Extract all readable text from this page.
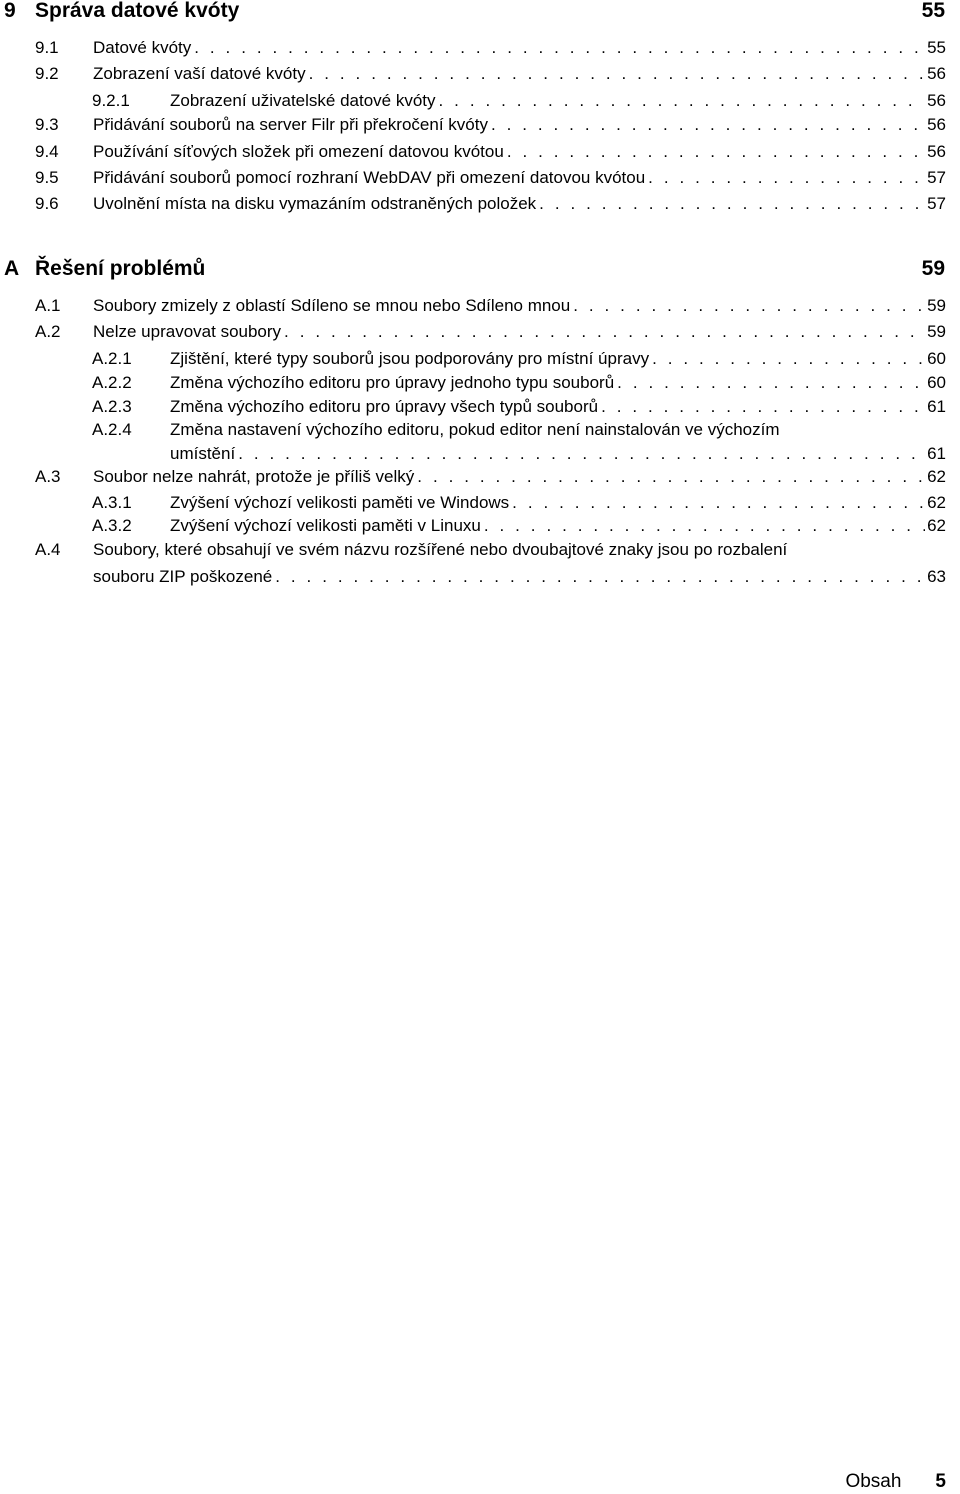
9 Správa datové kvóty	55
9.1 Datové kvóty . . .	55
9.2 Zobrazení vaší datové kvóty . . .	56
9.2.1 Zobrazení uživatelské datové kvóty . . .	56
9.3 Přidávání souborů na server Filr při překročení kvóty . . .	56
9.4 Používání síťových složek při omezení datovou kvótou . . .	56
9.5 Přidávání souborů pomocí rozhraní WebDAV při omezení datovou kvótou . . .	57
9.6 Uvolnění místa na disku vymazáním odstraněných položek . . .	57
A Řešení problémů	59
A.1 Soubory zmizely z oblastí Sdíleno se mnou nebo Sdíleno mnou . . .	59
A.2 Nelze upravovat soubory . . .	59
A.2.1 Zjištění, které typy souborů jsou podporovány pro místní úpravy . . .	60
A.2.2 Změna výchozího editoru pro úpravy jednoho typu souborů . . .	60
A.2.3 Změna výchozího editoru pro úpravy všech typů souborů . . .	61
A.2.4 Změna nastavení výchozího editoru, pokud editor není nainstalován ve výchozím
umístění . . .	61
A.3 Soubor nelze nahrát, protože je příliš velký . . .	62
A.3.1 Zvýšení výchozí velikosti paměti ve Windows . . .	62
A.3.2 Zvýšení výchozí velikosti paměti v Linuxu . . .	62
A.4 Soubory, které obsahují ve svém názvu rozšířené nebo dvoubajtové znaky jsou po rozbalení
souboru ZIP poškozené . . .	63
Obsah 5
